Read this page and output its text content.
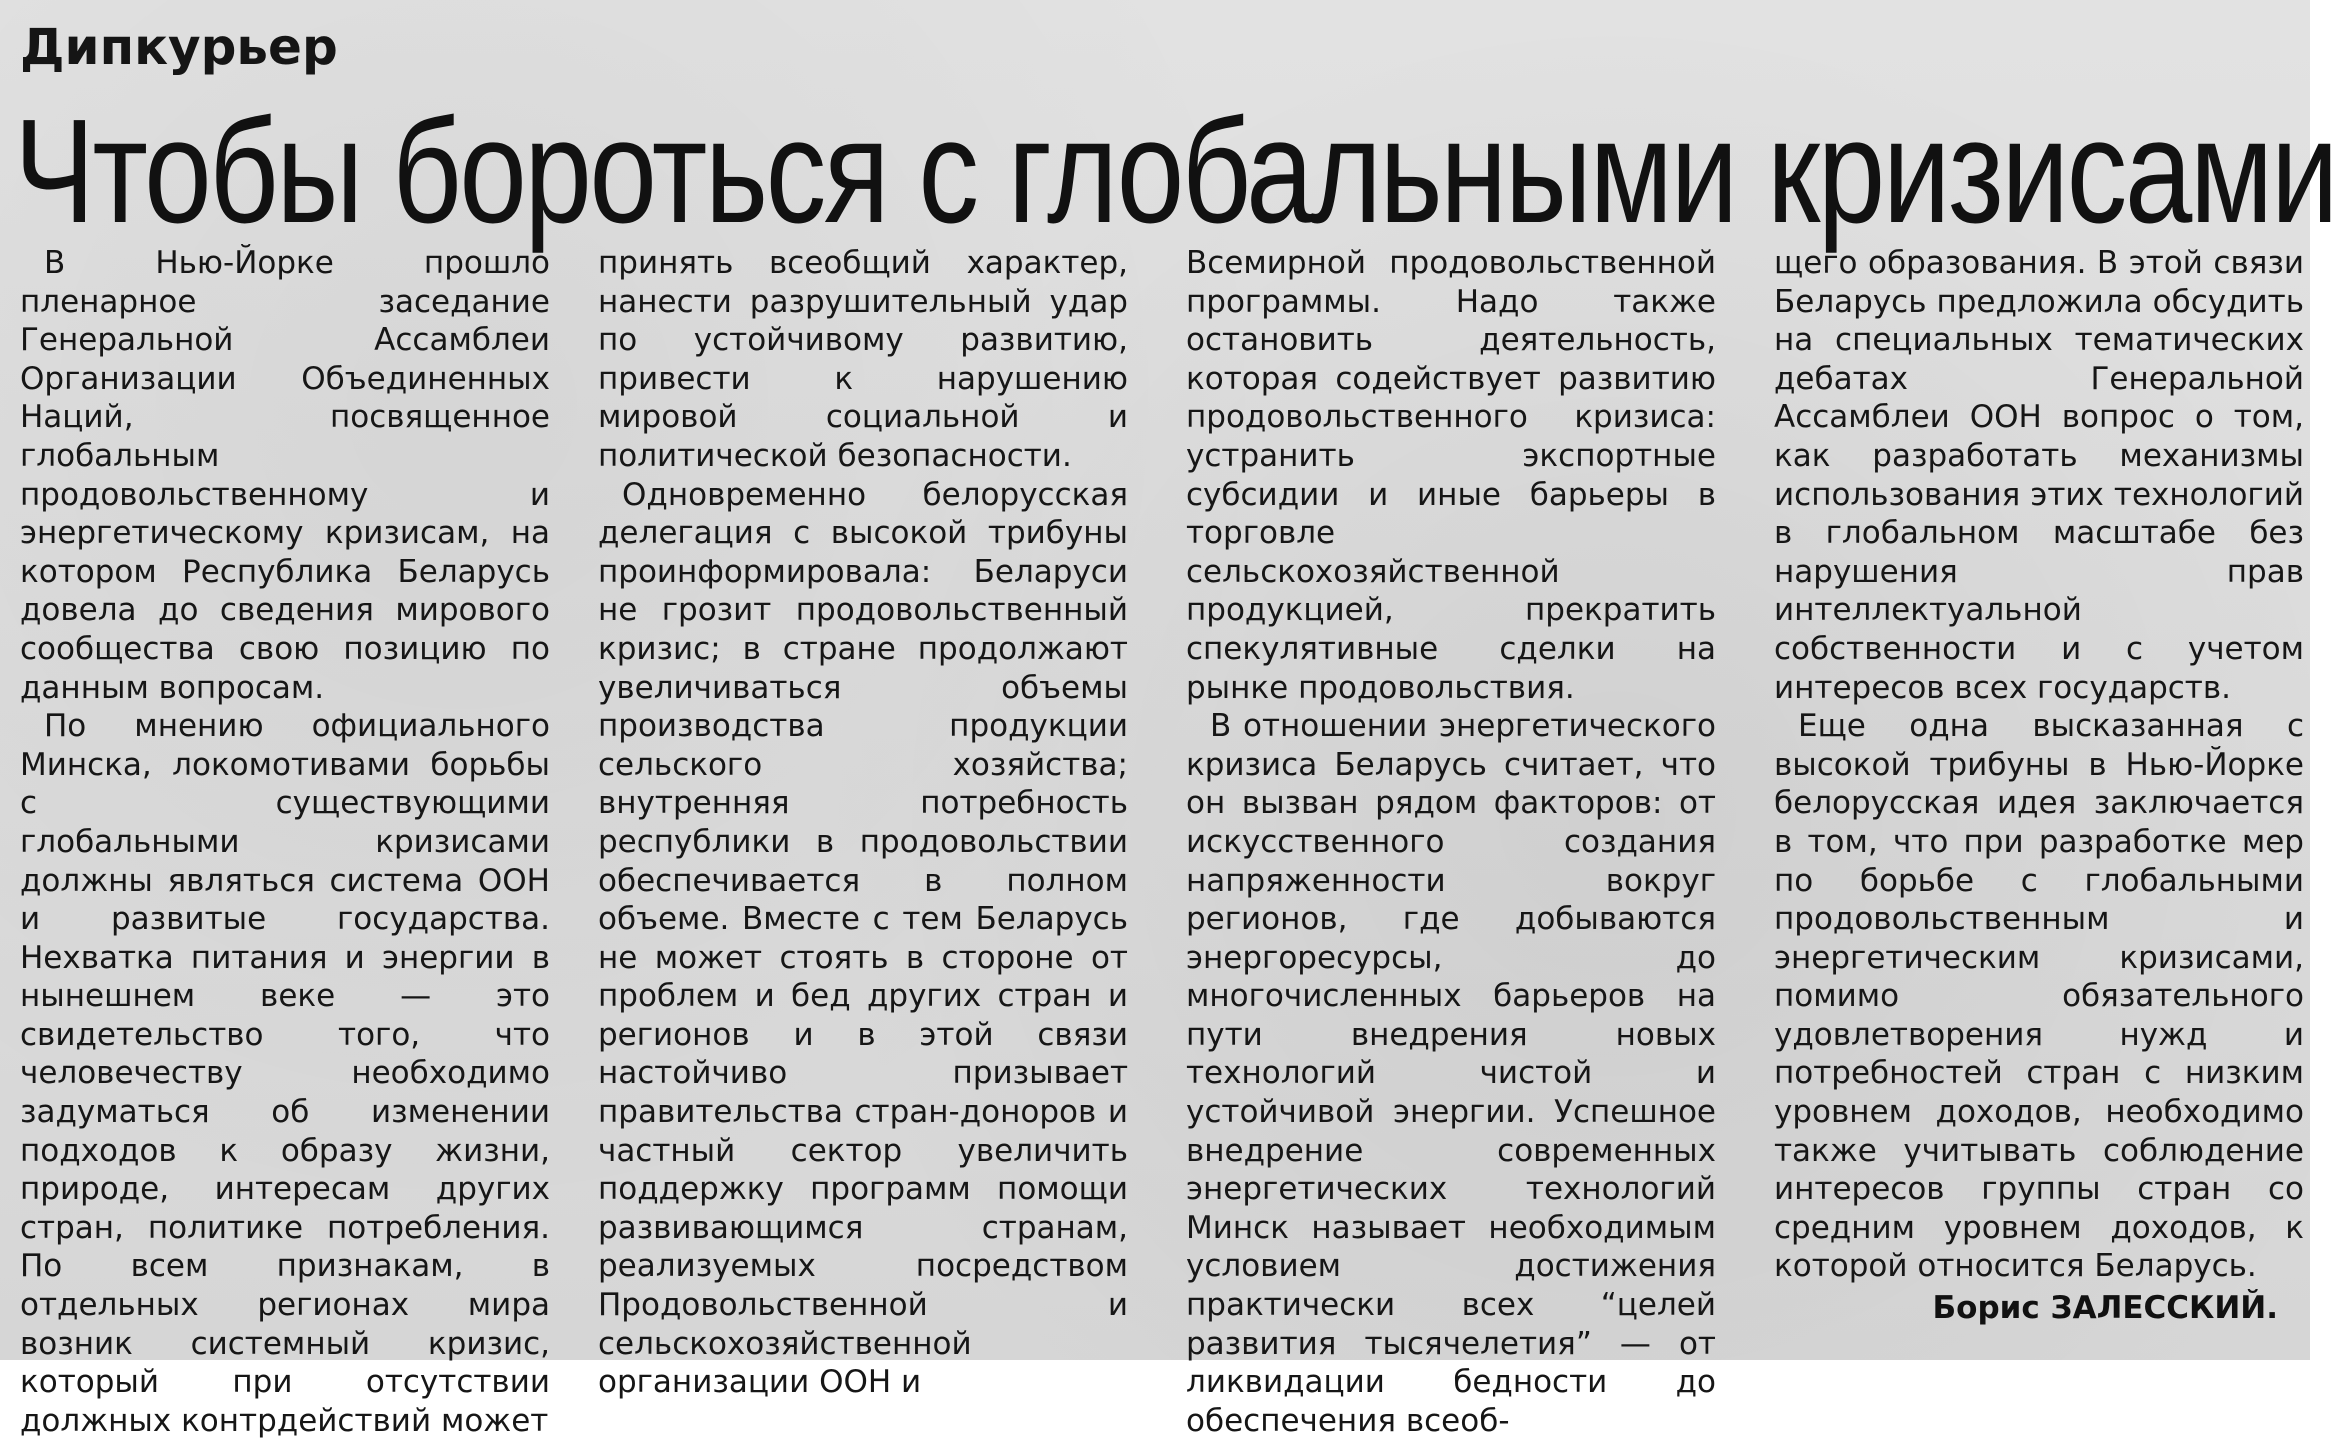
Дипкурьер
Чтобы бороться с глобальными кризисами

В Нью-Йорке прошло пленарное заседание Генеральной Ассамблеи Организации Объединенных Наций, посвященное глобальным продовольственному и энергетическому кризисам, на котором Республика Беларусь довела до сведения мирового сообщества свою позицию по данным вопросам.

По мнению официального Минска, локомотивами борьбы с существующими глобальными кризисами должны являться система ООН и развитые государства. Нехватка питания и энергии в нынешнем веке — это свидетельство того, что человечеству необходимо задуматься об изменении подходов к образу жизни, природе, интересам других стран, политике потребления. По всем признакам, в отдельных регионах мира возник системный кризис, который при отсутствии должных контрдействий может

принять всеобщий характер, нанести разрушительный удар по устойчивому развитию, привести к нарушению мировой социальной и политической безопасности.

Одновременно белорусская делегация с высокой трибуны проинформировала: Беларуси не грозит продовольственный кризис; в стране продолжают увеличиваться объемы производства продукции сельского хозяйства; внутренняя потребность республики в продовольствии обеспечивается в полном объеме. Вместе с тем Беларусь не может стоять в стороне от проблем и бед других стран и регионов и в этой связи настойчиво призывает правительства стран-доноров и частный сектор увеличить поддержку программ помощи развивающимся странам, реализуемых посредством Продовольственной и сельскохозяйственной организации ООН и

Всемирной продовольственной программы. Надо также остановить деятельность, которая содействует развитию продовольственного кризиса: устранить экспортные субсидии и иные барьеры в торговле сельскохозяйственной продукцией, прекратить спекулятивные сделки на рынке продовольствия.

В отношении энергетического кризиса Беларусь считает, что он вызван рядом факторов: от искусственного создания напряженности вокруг регионов, где добываются энергоресурсы, до многочисленных барьеров на пути внедрения новых технологий чистой и устойчивой энергии. Успешное внедрение современных энергетических технологий Минск называет необходимым условием достижения практически всех “целей развития тысячелетия” — от ликвидации бедности до обеспечения всеоб-

щего образования. В этой связи Беларусь предложила обсудить на специальных тематических дебатах Генеральной Ассамблеи ООН вопрос о том, как разработать механизмы использования этих технологий в глобальном масштабе без нарушения прав интеллектуальной собственности и с учетом интересов всех государств.

Еще одна высказанная с высокой трибуны в Нью-Йорке белорусская идея заключается в том, что при разработке мер по борьбе с глобальными продовольственным и энергетическим кризисами, помимо обязательного удовлетворения нужд и потребностей стран с низким уровнем доходов, необходимо также учитывать соблюдение интересов группы стран со средним уровнем доходов, к которой относится Беларусь.

Борис ЗАЛЕССКИЙ.
